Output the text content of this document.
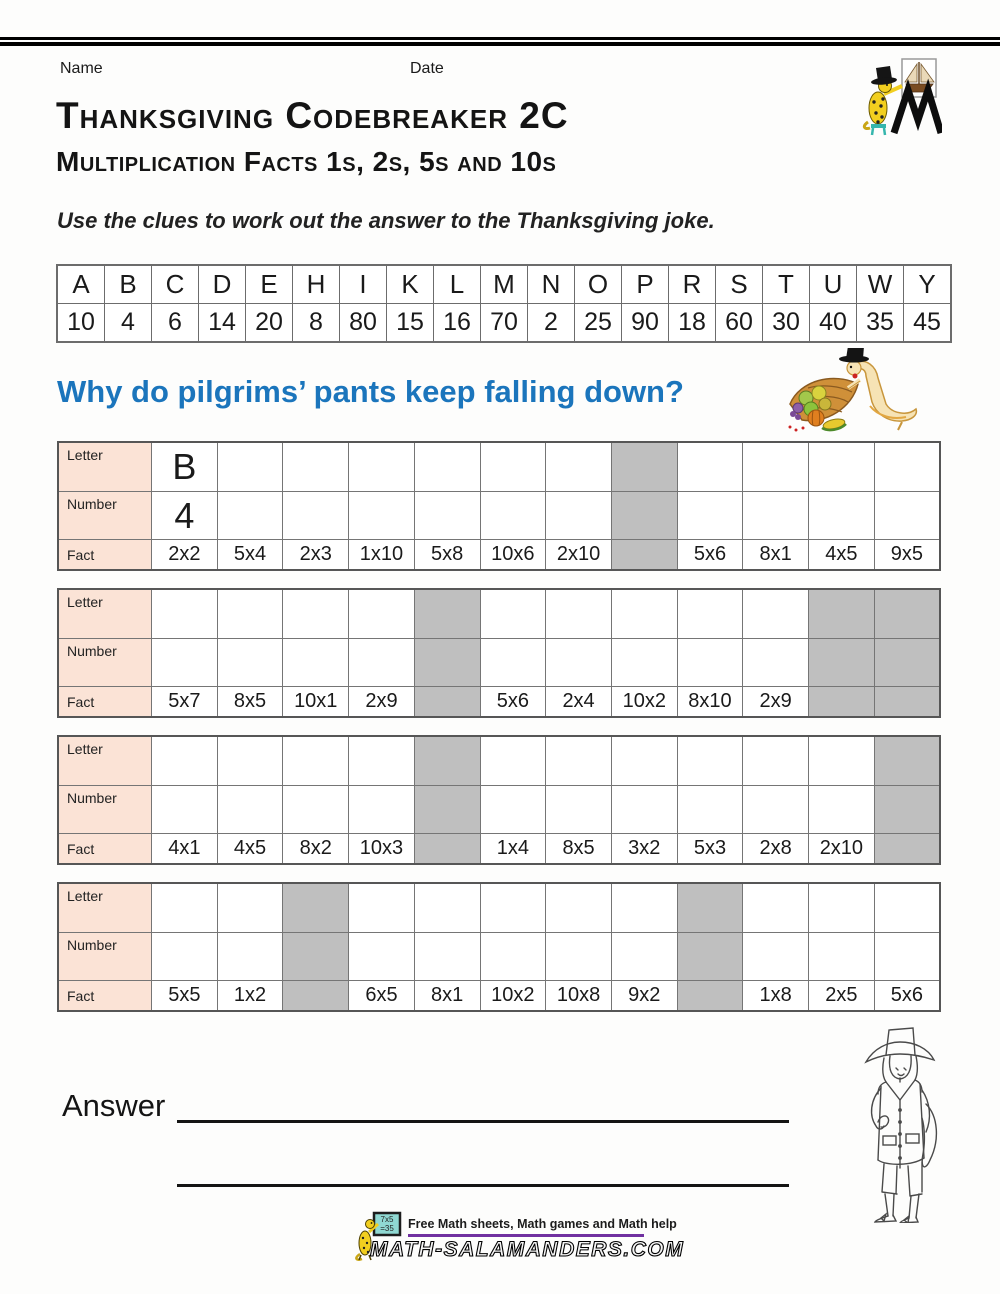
Name	Date
Thanksgiving Codebreaker 2C
Multiplication Facts 1s, 2s, 5s and 10s

Use the clues to work out the answer to the Thanksgiving joke.

A	B	C	D	E	H	I	K	L	M	N	O	P	R	S	T	U	W	Y
10	4	6	14	20	8	80	15	16	70	2	25	90	18	60	30	40	35	45
Why do pilgrims’ pants keep falling down?
Letter	B											
Number	4											
Fact	2x2	5x4	2x3	1x10	5x8	10x6	2x10		5x6	8x1	4x5	9x5
Letter												
Number												
Fact	5x7	8x5	10x1	2x9		5x6	2x4	10x2	8x10	2x9		
Letter												
Number												
Fact	4x1	4x5	8x2	10x3		1x4	8x5	3x2	5x3	2x8	2x10	
Letter												
Number												
Fact	5x5	1x2		6x5	8x1	10x2	10x8	9x2		1x8	2x5	5x6
Answer
7x5
=35 Free Math sheets, Math games and Math help
MATH-SALAMANDERS.COM
